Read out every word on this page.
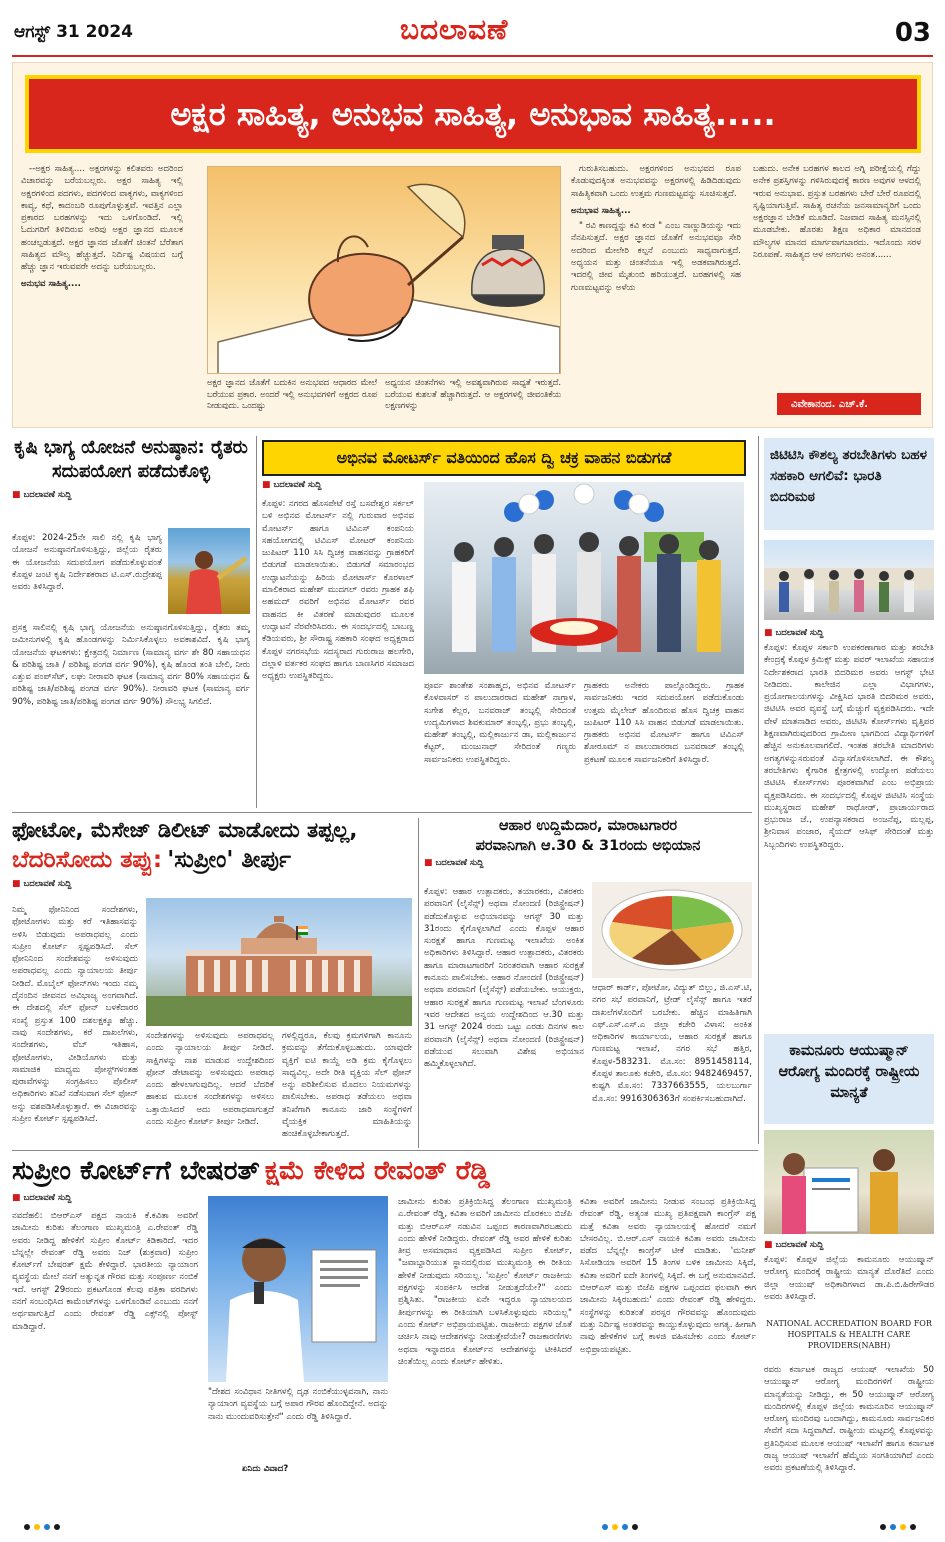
ಆಗಸ್ಟ್ 31 2024	ಬದಲಾವಣೆ	03
ಅಕ್ಷರ ಸಾಹಿತ್ಯ, ಅನುಭವ ಸಾಹಿತ್ಯ, ಅನುಭಾವ ಸಾಹಿತ್ಯ.....

--ಅಕ್ಷರ ಸಾಹಿತ್ಯ.... ಅಕ್ಷರಗಳನ್ನು ಕಲಿತವರು ಅದರಿಂದ ವಿಚಾರವನ್ನು ಬರೆಯಬಲ್ಲರು. ಅಕ್ಷರ ಸಾಹಿತ್ಯ ಇಲ್ಲಿ ಅಕ್ಷರಗಳಿಂದ ಪದಗಳು, ಪದಗಳಿಂದ ವಾಕ್ಯಗಳು, ವಾಕ್ಯಗಳಿಂದ ಕಾವ್ಯ, ಕಥೆ, ಕಾದಂಬರಿ ರೂಪುಗೊಳ್ಳುತ್ತವೆ. ಇವತ್ತಿನ ಎಲ್ಲಾ ಪ್ರಕಾರದ ಬರಹಗಳನ್ನು ಇದು ಒಳಗೊಂಡಿದೆ. ಇಲ್ಲಿ ಓದುಗರಿಗೆ ತಿಳಿದಿರುವ ಅರಿವು ಅಕ್ಷರ ಜ್ಞಾನದ ಮೂಲಕ ಹಂಚಲ್ಪಡುತ್ತದೆ. ಅಕ್ಷರ ಜ್ಞಾನದ ಜೊತೆಗೆ ಚಿಂತನೆ ಬೆರೆತಾಗ ಸಾಹಿತ್ಯದ ಮೌಲ್ಯ ಹೆಚ್ಚುತ್ತದೆ. ನಿರ್ದಿಷ್ಟ ವಿಷಯದ ಬಗ್ಗೆ ಹೆಚ್ಚು ಜ್ಞಾನ ಇರುವವರೇ ಅದನ್ನು ಬರೆಯಬಲ್ಲರು.

ಅನುಭವ ಸಾಹಿತ್ಯ....

ಅಕ್ಷರ ಜ್ಞಾನದ ಜೊತೆಗೆ ಬದುಕಿನ ಅನುಭವದ ಆಧಾರದ ಮೇಲೆ ಬರೆಯುವ ಪ್ರಕಾರ. ಅಂದರೆ ಇಲ್ಲಿ ಅನುಭವಗಳಿಗೆ ಅಕ್ಷರದ ರೂಪ ನೀಡುವುದು. ಒಂದಷ್ಟು
ಅಧ್ಯಯನ ಚಿಂತನೆಗಳು ಇಲ್ಲಿ ಅವಶ್ಯವಾಗಿರುವ ಸಾಧ್ಯತೆ ಇರುತ್ತದೆ. ಬರೆಯುವ ಕುಶಲತೆ ಹೆಚ್ಚಾಗಿರುತ್ತದೆ. ಆ ಅಕ್ಷರಗಳಲ್ಲಿ ಜೀವಂತಿಕೆಯ ಲಕ್ಷಣಗಳನ್ನು

ಗುರುತಿಸಬಹುದು. ಅಕ್ಷರಗಳಿಂದ ಅನುಭವದ ರೂಪ ಕೊಡುವುದಕ್ಕಿಂತ ಅನುಭವವನ್ನು ಅಕ್ಷರಗಳಲ್ಲಿ ಹಿಡಿದಿಡುವುದು ಸಾಹಿತ್ಯಿಕವಾಗಿ ಒಂದು ಉತ್ತಮ ಗುಣಮಟ್ಟವನ್ನು ಸೂಚಿಸುತ್ತದೆ.

ಅನುಭಾವ ಸಾಹಿತ್ಯ...

" ರವಿ ಕಾಣದ್ದನ್ನು ಕವಿ ಕಂಡ " ಎಂಬ ನಾಣ್ಣುಡಿಯನ್ನು ಇದು ನೆನಪಿಸುತ್ತದೆ. ಅಕ್ಷರ ಜ್ಞಾನದ ಜೊತೆಗೆ ಅನುಭವವೂ ಸೇರಿ ಅದರಿಂದ ಮೇಲೇರಿ ಕಲ್ಪನೆ ಎಂಬುದು ಸಾಧ್ಯವಾಗುತ್ತದೆ. ಅಧ್ಯಯನ ಮತ್ತು ಚಿಂತನೆಯೂ ಇಲ್ಲಿ ಅಡಕವಾಗಿರುತ್ತದೆ. ಇದರಲ್ಲಿ ಜೀವ ಮೈತುಂಬಿ ಹರಿಯುತ್ತದೆ. ಬರಹಗಳಲ್ಲಿ ಸಹ ಗುಣಮಟ್ಟವನ್ನು ಅಳೆಯ

ಬಹುದು. ಅನೇಕ ಬರಹಗಳ ಕಾಲದ ಅಗ್ನಿ ಪರೀಕ್ಷೆಯಲ್ಲಿ ಗೆದ್ದು ಅನೇಕ ಪ್ರಶಸ್ತಿಗಳನ್ನು ಗಳಿಸಿರುವುದಕ್ಕೆ ಕಾರಣ ಅವುಗಳ ಆಳದಲ್ಲಿ ಇರುವ ಅನುಭಾವ. ಪ್ರಸ್ತುತ ಬರಹಗಳು ಬೇರೆ ಬೇರೆ ರೂಪದಲ್ಲಿ ಸೃಷ್ಟಿಯಾಗುತ್ತಿವೆ. ಸಾಹಿತ್ಯ ರಚನೆಯ ಜನಸಾಮಾನ್ಯರಿಗೆ ಒಂದು ಅಕ್ಷರಜ್ಞಾನ ಬೇಡಿಕೆ ಮೂಡಿದೆ. ನಿಜವಾದ ಸಾಹಿತ್ಯ ಮನಸ್ಸಿನಲ್ಲಿ ಮೂಡಬೇಕು. ಹೊರತು ಶಿಕ್ಷಣ ಅಧಿಕಾರ ಮಾನದಂಡ ಮೌಲ್ಯಗಳ ಮಾನದ ಮಾರ್ಗವಾಗಬಾರದು. ಇದೊಂದು ಸರಳ ನಿರೂಪಣೆ. ಸಾಹಿತ್ಯದ ಆಳ ಅಗಲಗಳು ಅನಂತ......
ವಿವೇಕಾನಂದ. ಎಚ್.ಕೆ.
ಕೃಷಿ ಭಾಗ್ಯ ಯೋಜನೆ ಅನುಷ್ಠಾನ: ರೈತರು ಸದುಪಯೋಗ ಪಡೆದುಕೊಳ್ಳಿ
■ ಬದಲಾವಣೆ ಸುದ್ದಿ
ಕೊಪ್ಪಳ: 2024-25ನೇ ಸಾಲಿ ನಲ್ಲಿ ಕೃಷಿ ಭಾಗ್ಯ ಯೋಜನೆ ಅನುಷ್ಠಾನಗೊಳಿಸುತ್ತಿದ್ದು, ಜಿಲ್ಲೆಯ ರೈತರು ಈ ಯೋಜನೆಯ ಸದುಪಯೋಗ ಪಡೆದುಕೊಳ್ಳುವಂತೆ ಕೊಪ್ಪಳ ಜಂಟಿ ಕೃಷಿ ನಿರ್ದೇಶಕರಾದ ಟಿ.ಎಸ್.ರುದ್ರೇಶಪ್ಪ ಅವರು ತಿಳಿಸಿದ್ದಾರೆ.
ಪ್ರಸಕ್ತ ಸಾಲಿನಲ್ಲಿ ಕೃಷಿ ಭಾಗ್ಯ ಯೋಜನೆಯ ಅನುಷ್ಠಾನಗೊಳಿಸುತ್ತಿದ್ದು, ರೈತರು ತಮ್ಮ ಜಮೀನುಗಳಲ್ಲಿ ಕೃಷಿ ಹೊಂಡಗಳನ್ನು ನಿರ್ಮಿಸಿಕೊಳ್ಳಲು ಅವಕಾಶವಿದೆ. ಕೃಷಿ ಭಾಗ್ಯ ಯೋಜನೆಯ ಘಟಕಗಳು: ಕ್ಷೇತ್ರದಲ್ಲಿ ನಿರ್ಮಾಣ (ಸಾಮಾನ್ಯ ವರ್ಗ ಶೇ 80 ಸಹಾಯಧನ & ಪರಿಶಿಷ್ಟ ಜಾತಿ / ಪರಿಶಿಷ್ಟ ಪಂಗಡ ವರ್ಗ 90%), ಕೃಷಿ ಹೊಂಡ ತಂತಿ ಬೇಲಿ, ನೀರು ಎತ್ತುವ ಪಂಪ್‌ಸೆಟ್, ಲಘು ನೀರಾವರಿ ಘಟಕ (ಸಾಮಾನ್ಯ ವರ್ಗ 80% ಸಹಾಯಧನ & ಪರಿಶಿಷ್ಟ ಜಾತಿ/ಪರಿಶಿಷ್ಟ ಪಂಗಡ ವರ್ಗ 90%). ನೀರಾವರಿ ಘಟಕ (ಸಾಮಾನ್ಯ ವರ್ಗ 90%, ಪರಿಶಿಷ್ಟ ಜಾತಿ/ಪರಿಶಿಷ್ಟ ಪಂಗಡ ವರ್ಗ 90%) ಸೌಲಭ್ಯ ಸಿಗಲಿದೆ.
ಅಭಿನವ ಮೋಟರ್ಸ್ ವತಿಯಿಂದ ಹೊಸ ದ್ವಿ ಚಕ್ರ ವಾಹನ ಬಿಡುಗಡೆ
■ ಬದಲಾವಣೆ ಸುದ್ದಿ
ಕೊಪ್ಪಳ: ನಗರದ ಹೊಸಪೇಟೆ ರಸ್ತೆ ಬಸವೇಶ್ವರ ಸರ್ಕಲ್ ಬಳಿ ಅಭಿನವ ಮೋಟರ್ಸ್ ನಲ್ಲಿ ಗುರುವಾರ ಅಭಿನವ ಮೋಟರ್ಸ್ ಹಾಗೂ ಟಿವಿಎಸ್ ಕಂಪನಿಯ ಸಹಯೋಗದಲ್ಲಿ ಟಿವಿಎಸ್ ಮೋಟರ್ ಕಂಪನಿಯ ಜುಪಿಟರ್ 110 ಸಿಸಿ ದ್ವಿಚಕ್ರ ವಾಹನವನ್ನು ಗ್ರಾಹಕರಿಗೆ ಬಿಡುಗಡೆ ಮಾಡಲಾಯಿತು. ಬಿಡುಗಡೆ ಸಮಾರಂಭದ ಉದ್ಘಾಟನೆಯನ್ನು ಹಿರಿಯ ಮೋಟಾರ್ಸ್ ಕೊರಳಾಲ್ ಮಾಲಿಕರಾದ ಮಹೇಶ್ ಮುದಗಲ್ ರವರು ಗ್ರಾಹಕ ಶಫಿ ಅಹಮದ್ ರವರಿಗೆ ಅಭಿನವ ಮೋಟರ್ಸ್ ರವರ ವಾಹನದ ಕೀ ವಿತರಣೆ ಮಾಡುವುದರ ಮೂಲಕ ಉದ್ಘಾಟನೆ ನೆರವೇರಿಸಿದರು. ಈ ಸಂದರ್ಭದಲ್ಲಿ ಬಾಬಣ್ಣ ಕೆಡಿಯವರು, ಶ್ರೀ ಸೌರಾಷ್ಟ್ರ ಸಹಕಾರಿ ಸಂಘದ ಅಧ್ಯಕ್ಷರಾದ ಕೊಪ್ಪಳ ನಗರಸಭೆಯ ಸದಸ್ಯರಾದ ಗುರುರಾಜ ಹಲಗೇರಿ, ದಲ್ಲಾಳಿ ವರ್ತಕರ ಸಂಘದ ಹಾಗೂ ಬಾಣಸಿಗರ ಸಮಾಜದ ಅಧ್ಯಕ್ಷರು ಉಪಸ್ಥಿತರಿದ್ದರು.
ಪೂರ್ವ ಶಾಂತೇಶ ಸಂಶಾಹ್ಮದ, ಅಭಿನವ ಮೋಟರ್ಸ್ ಕೊಳವಾಸರ್ ನ ಪಾಲುದಾರರಾದ ಮಹೇಶ್ ನಾಗ್ರಾಳ, ಸುಗೇಶ ಕೆಲ್ಲರ, ಬನವರಾಜ್ ತಂಬ್ಳಲ್ಲಿ ಸೇರಿದಂತೆ ಉದ್ಯಮಿಗಳಾದ ಶಿವಕುಮಾರ್ ತಂಬ್ಳಲ್ಲಿ, ಪ್ರಭು ತಂಬ್ಳಲ್ಲಿ, ಮಹೇಶ್ ತಂಬ್ಳಲ್ಲಿ, ಮಲ್ಲಿಕಾರ್ಜುನ ಡಾ, ಮಲ್ಲಿಕಾರ್ಜುನ ಕೆಟ್ಟರ್, ಮಂಜುನಾಥ್ ಸೇರಿದಂತೆ ಗಣ್ಯರು ಸಾರ್ವಜನಿಕರು ಉಪಸ್ಥಿತರಿದ್ದರು.
ಗ್ರಾಹಕರು ಅನೇಕರು ಪಾಲ್ಗೊಂಡಿದ್ದರು. ಗ್ರಾಹಕ ಸಾರ್ವಜನಿಕರು ಇದರ ಸದುಪಯೋಗ ಪಡೆದುಕೊಂಡು ಉತ್ತಮ ಮೈಲೇಜ್ ಹೊಂದಿರುವ ಹೊಸ ದ್ವಿಚಕ್ರ ವಾಹನ ಜುಪಿಟರ್ 110 ಸಿಸಿ ವಾಹನ ಬಿಡುಗಡೆ ಮಾಡಲಾಯಿತು. ಗ್ರಾಹಕರು ಅಭಿನವ ಮೋಟರ್ಸ್ ಹಾಗೂ ಟಿವಿಎಸ್ ಶೋರೂಮ್ ನ ಪಾಲುದಾರರಾದ ಬನವರಾಜ್ ತಂಬ್ಳಲ್ಲಿ ಪ್ರಕಟಣೆ ಮೂಲಕ ಸಾರ್ವಜನಿಕರಿಗೆ ತಿಳಿಸಿದ್ದಾರೆ.
ಜಿಟಿಟಿಸಿ ಕೌಶಲ್ಯ ತರಬೇತಿಗಳು ಬಹಳ ಸಹಕಾರಿ ಆಗಲಿವೆ: ಭಾರತಿ ಬಿದರಿಮಠ
■ ಬದಲಾವಣೆ ಸುದ್ದಿ
ಕೊಪ್ಪಳ: ಕೊಪ್ಪಳ ಸರ್ಕಾರಿ ಉಪಕರಣಾಗಾರ ಮತ್ತು ತರಬೇತಿ ಕೇಂದ್ರಕ್ಕೆ ಕೊಪ್ಪಳ ಕ್ರಿಮಿಕ್ಸ್ ಮತ್ತು ಪವರ್ ಇಲಾಖೆಯ ಸಹಾಯಕ ನಿರ್ದೇಶಕರಾದ ಭಾರತಿ ಬಿದರಿಮಠ ಅವರು ಆಗಸ್ಟ್ ಭೇಟಿ ನೀಡಿದರು. ಕಾಲೇಜಿನ ಎಲ್ಲಾ ವಿಭಾಗಗಳು, ಪ್ರಯೋಗಾಲಯಗಳನ್ನು ವೀಕ್ಷಿಸಿದ ಭಾರತಿ ಬಿದರಿಮಠ ಅವರು, ಜಿಟಿಟಿಸಿ ಅವರ ವ್ಯವಸ್ಥೆ ಬಗ್ಗೆ ಮೆಚ್ಚುಗೆ ವ್ಯಕ್ತಪಡಿಸಿದರು. ಇದೇ ವೇಳೆ ಮಾತನಾಡಿದ ಅವರು, ಜಿಟಿಟಿಸಿ ಕೋರ್ಸ್‌ಗಳು ವೃತ್ತಿಪರ ಶಿಕ್ಷಣವಾಗಿರುವುದರಿಂದ ಗ್ರಾಮೀಣ ಭಾಗದಿಂದ ವಿದ್ಯಾರ್ಥಿಗಳಿಗೆ ಹೆಚ್ಚಿನ ಅನುಕೂಲವಾಗಲಿದೆ. ಇಂತಹ ತರಬೇತಿ ಮಾದರಿಗಳು ಅಗತ್ಯಗಳನ್ನುಸರುವಂತೆ ವಿನ್ಯಾಸಗೊಳಿಸಲಾಗಿದೆ. ಈ ಕೌಶಲ್ಯ ತರಬೇತಿಗಳು ಕೈಗಾರಿಕ ಕ್ಷೇತ್ರಗಳಲ್ಲಿ ಉದ್ಯೋಗ ಪಡೆಯಲು ಜಿಟಿಟಿಸಿ ಕೋರ್ಸ್‌ಗಳು ಪೂರಕವಾಗಿವೆ ಎಂಬ ಅಭಿಪ್ರಾಯ ವ್ಯಕ್ತಪಡಿಸಿದರು. ಈ ಸಂದರ್ಭದಲ್ಲಿ ಕೊಪ್ಪಳ ಜಿಟಿಟಿಸಿ ಸಂಸ್ಥೆಯ ಮುಖ್ಯಸ್ಥರಾದ ಮಹೇಶ್ ರಾಥೋಡ್, ಪ್ರಾಚಾರ್ಯರಾದ ಪ್ರಭುರಾಜ ಜೆ., ಉಪನ್ಯಾಸಕರಾದ ಅಂಜನೆಪ್ಪ, ಮಲ್ಲಪ್ಪ, ಶ್ರೀನಿವಾಸ ಪಂಜಾರ, ಸೈಯದ್ ಆಸಿಫ್ ಸೇರಿದಂತೆ ಮತ್ತು ಸಿಬ್ಬಂದಿಗಳು ಉಪಸ್ಥಿತರಿದ್ದರು.
ಫೋಟೋ, ಮೆಸೇಜ್ ಡಿಲೀಟ್ ಮಾಡೋದು ತಪ್ಪಲ್ಲ,
ಬೆದರಿಸೋದು ತಪ್ಪು: 'ಸುಪ್ರೀಂ' ತೀರ್ಪು
■ ಬದಲಾವಣೆ ಸುದ್ದಿ
ನಿಮ್ಮ ಫೋನಿನಿಂದ ಸಂದೇಶಗಳು, ಫೋಟೋಗಳು ಮತ್ತು ಕರೆ ಇತಿಹಾಸವನ್ನು ಅಳಿಸಿ ಬಿಡುವುದು ಅಪರಾಧವಲ್ಲ ಎಂದು ಸುಪ್ರೀಂ ಕೋರ್ಟ್ ಸ್ಪಷ್ಟಪಡಿಸಿದೆ. ಸೆಲ್ ಫೋನಿನಿಂದ ಸಂದೇಶವನ್ನು ಅಳಿಸುವುದು ಅಪರಾಧವಲ್ಲ ಎಂದು ನ್ಯಾಯಾಲಯ ತೀರ್ಪು ನೀಡಿದೆ. ಮೊಬೈಲ್ ಫೋನ್‌ಗಳು ಇಂದು ನಮ್ಮ ದೈನಂದಿನ ಜೀವನದ ಅವಿಭಾಜ್ಯ ಅಂಗವಾಗಿದೆ. ಈ ದೇಶದಲ್ಲಿ ಸೆಲ್ ಫೋನ್ ಬಳಕೆದಾರರ ಸಂಖ್ಯೆ ಪ್ರಸ್ತುತ 100 ದಶಲಕ್ಷಕ್ಕೂ ಹೆಚ್ಚು. ನಾವು ಸಂದೇಶಗಳು, ಕರೆ ದಾಖಲೆಗಳು, ಸಂದೇಶಗಳು, ವೆಬ್ ಇತಿಹಾಸ, ಫೋಟೋಗಳು, ವೀಡಿಯೊಗಳು ಮತ್ತು ಸಾಮಾಜಿಕ ಮಾಧ್ಯಮ ಪೋಸ್ಟ್‌ಗಳಂತಹ ಪುರಾವೆಗಳನ್ನು ಸಂಗ್ರಹಿಸಲು ಪೊಲೀಸ್ ಅಧಿಕಾರಿಗಳು ತನಿಖೆ ನಡೆಸುವಾಗ ಸೆಲ್ ಫೋನ್ ಅನ್ನು ವಶಪಡಿಸಿಕೊಳ್ಳುತ್ತಾರೆ. ಈ ವಿಚಾರವನ್ನು ಸುಪ್ರೀಂ ಕೋರ್ಟ್ ಸ್ಪಷ್ಟಪಡಿಸಿದೆ.
ಸಂದೇಶಗಳನ್ನು ಅಳಿಸುವುದು ಅಪರಾಧವಲ್ಲ ಎಂದು ನ್ಯಾಯಾಲಯ ತೀರ್ಪು ನೀಡಿದೆ. ಸಾಕ್ಷಿಗಳನ್ನು ನಾಶ ಮಾಡುವ ಉದ್ದೇಶದಿಂದ ಫೋನ್ ಡೇಟಾವನ್ನು ಅಳಿಸುವುದು ಅಪರಾಧ ಎಂದು ಹೇಳಲಾಗುವುದಿಲ್ಲ. ಆದರೆ ಬೆದರಿಕೆ ಹಾಕುವ ಮೂಲಕ ಸಂದೇಶಗಳನ್ನು ಅಳಿಸಲು ಒತ್ತಾಯಿಸಿದರೆ ಅದು ಅಪರಾಧವಾಗುತ್ತದೆ ಎಂದು ಸುಪ್ರೀಂ ಕೋರ್ಟ್ ತೀರ್ಪು ನೀಡಿದೆ.
ಗಳಲ್ಲಿದ್ದರೂ, ಕೆಲವು ಕ್ರಮಗಳಿಗಾಗಿ ಕಾನೂನು ಕ್ರಮವನ್ನು ತೆಗೆದುಕೊಳ್ಳಬಹುದು. ಯಾವುದೇ ವ್ಯಕ್ತಿಗೆ ಐಟಿ ಕಾಯ್ದೆ ಅಡಿ ಕ್ರಮ ಕೈಗೊಳ್ಳಲು ಸಾಧ್ಯವಿಲ್ಲ. ಅದೇ ರೀತಿ ವ್ಯಕ್ತಿಯ ಸೆಲ್ ಫೋನ್ ಅನ್ನು ಪರಿಶೀಲಿಸುವ ಮೊದಲು ನಿಯಮಗಳನ್ನು ಪಾಲಿಸಬೇಕು. ಅಪರಾಧ ತಡೆಯಲು ಅಥವಾ ತನಿಖೆಗಾಗಿ ಕಾನೂನು ಜಾರಿ ಸಂಸ್ಥೆಗಳಿಗೆ ವೈಯಕ್ತಿಕ ಮಾಹಿತಿಯನ್ನು ಹಂಚಿಕೊಳ್ಳಬೇಕಾಗುತ್ತದೆ.
ಆಹಾರ ಉದ್ದಿಮೆದಾರ, ಮಾರಾಟಗಾರರ
ಪರವಾನಿಗಾಗಿ ಆ.30 & 31ರಂದು ಅಭಿಯಾನ
■ ಬದಲಾವಣೆ ಸುದ್ದಿ
ಕೊಪ್ಪಳ: ಆಹಾರ ಉತ್ಪಾದಕರು, ತಯಾರಕರು, ವಿತರಕರು ಪರವಾನಿಗೆ (ಲೈಸೆನ್ಸ್) ಅಥವಾ ನೋಂದಣಿ (ರಿಜಿಸ್ಟ್ರೇಷನ್) ಪಡೆದುಕೊಳ್ಳುವ ಅಭಿಯಾನವನ್ನು ಆಗಸ್ಟ್ 30 ಮತ್ತು 31ರಂದು ಕೈಗೊಳ್ಳಲಾಗಿದೆ ಎಂದು ಕೊಪ್ಪಳ ಆಹಾರ ಸುರಕ್ಷತೆ ಹಾಗೂ ಗುಣಮಟ್ಟ ಇಲಾಖೆಯ ಅಂಕಿತ ಅಧಿಕಾರಿಗಳು ತಿಳಿಸಿದ್ದಾರೆ. ಆಹಾರ ಉತ್ಪಾದಕರು, ವಿತರಕರು ಹಾಗೂ ಮಾರಾಟಗಾರರಿಗೆ ನಿರಂತರವಾಗಿ ಆಹಾರ ಸುರಕ್ಷತೆ ಕಾನೂನು ಪಾಲಿಸಬೇಕು. ಆಹಾರ ನೋಂದಣಿ (ರಿಜಿಸ್ಟ್ರೇಷನ್) ಅಥವಾ ಪರವಾನಿಗೆ (ಲೈಸೆನ್ಸ್) ಪಡೆಯಬೇಕು. ಆಯುಕ್ತರು, ಆಹಾರ ಸುರಕ್ಷತೆ ಹಾಗೂ ಗುಣಮಟ್ಟ ಇಲಾಖೆ ಬೆಂಗಳೂರು ಇವರ ಆದೇಶದ ಅನ್ವಯ ಉದ್ದೇಶದಿಂದ ಆ.30 ಮತ್ತು 31 ಆಗಸ್ಟ್ 2024 ರಂದು ಒಟ್ಟು ಎರಡು ದಿನಗಳ ಕಾಲ ಪರವಾನಗಿ (ಲೈಸೆನ್ಸ್) ಅಥವಾ ನೋಂದಣಿ (ರಿಜಿಸ್ಟ್ರೇಷನ್) ಪಡೆಯುವ ಸಲುವಾಗಿ ವಿಶೇಷ ಅಭಿಯಾನ ಹಮ್ಮಿಕೊಳ್ಳಲಾಗಿದೆ.
ಆಧಾರ್ ಕಾರ್ಡ್, ಪೋಟೋ, ವಿದ್ಯುತ್ ಬಿಲ್ಲು, ಜಿ.ಎಸ್.ಟಿ, ನಗರ ಸಭೆ ಪರವಾನಿಗೆ, ಟ್ರೇಡ್ ಲೈಸೆನ್ಸ್ ಹಾಗೂ ಇತರೆ ದಾಖಲೆಗಳೊಂದಿಗೆ ಬರಬೇಕು. ಹೆಚ್ಚಿನ ಮಾಹಿತಿಗಾಗಿ ಎಫ್.ಎಸ್.ಎಸ್.ಎ ಜಿಲ್ಲಾ ಕಚೇರಿ ವಿಳಾಸ: ಅಂಕಿತ ಅಧಿಕಾರಿಗಳ ಕಾರ್ಯಾಲಯ, ಆಹಾರ ಸುರಕ್ಷತೆ ಹಾಗೂ ಗುಣಮಟ್ಟ ಇಲಾಖೆ, ನಗರ ಸಭೆ ಹತ್ತಿರ, ಕೊಪ್ಪಳ-583231. ಮೊ.ಸಂ: 8951458114, ಕೊಪ್ಪಳ ತಾಲೂಕು ಕಚೇರಿ, ಮೊ.ಸಂ: 9482469457, ಕುಷ್ಟಗಿ ಮೊ.ಸಂ: 7337663555, ಯಲಬುರ್ಗಾ ಮೊ.ಸಂ: 9916306363ಗೆ ಸಂಪರ್ಕಿಸಬಹುದಾಗಿದೆ.
ಕಾಮನೂರು ಆಯುಷ್ಮಾನ್ ಆರೋಗ್ಯ ಮಂದಿರಕ್ಕೆ ರಾಷ್ಟ್ರೀಯ ಮಾನ್ಯತೆ
■ ಬದಲಾವಣೆ ಸುದ್ದಿ
ಕೊಪ್ಪಳ: ಕೊಪ್ಪಳ ಜಿಲ್ಲೆಯ ಕಾಮನೂರು ಆಯುಷ್ಮಾನ್ ಆರೋಗ್ಯ ಮಂದಿರಕ್ಕೆ ರಾಷ್ಟ್ರೀಯ ಮಾನ್ಯತೆ ದೊರೆತಿದೆ ಎಂದು ಜಿಲ್ಲಾ ಆಯುಷ್ ಅಧಿಕಾರಿಗಳಾದ ಡಾ.ಪಿ.ಬಿ.ಹಿರೇಗೌಡರ ಅವರು ತಿಳಿಸಿದ್ದಾರೆ.
NATIONAL ACCREDATION BOARD FOR HOSPITALS & HEALTH CARE PROVIDERS(NABH)
ರವರು ಕರ್ನಾಟಕ ರಾಜ್ಯದ ಆಯುಷ್ ಇಲಾಖೆಯ 50 ಆಯುಷ್ಮಾನ್ ಆರೋಗ್ಯ ಮಂದಿರಗಳಿಗೆ ರಾಷ್ಟ್ರೀಯ ಮಾನ್ಯತೆಯನ್ನು ನೀಡಿದ್ದು, ಈ 50 ಆಯುಷ್ಮಾನ್ ಆರೋಗ್ಯ ಮಂದಿರಗಳಲ್ಲಿ ಕೊಪ್ಪಳ ಜಿಲ್ಲೆಯ ಕಾಮನೂರಿನ ಆಯುಷ್ಮಾನ್ ಆರೋಗ್ಯ ಮಂದಿರವು ಒಂದಾಗಿದ್ದು, ಕಾಮನೂರು ಸಾರ್ವಜನಿಕರ ಸೇವೆಗೆ ಸದಾ ಸಿದ್ಧವಾಗಿದೆ. ರಾಷ್ಟ್ರೀಯ ಮಟ್ಟದಲ್ಲಿ ಕೊಪ್ಪಳವನ್ನು ಪ್ರತಿನಿಧಿಸುವ ಮೂಲಕ ಆಯುಷ್ ಇಲಾಖೆಗೆ ಹಾಗೂ ಕರ್ನಾಟಕ ರಾಜ್ಯ ಆಯುಷ್ ಇಲಾಖೆಗೆ ಹೆಮ್ಮೆಯ ಸಂಗತಿಯಾಗಿದೆ ಎಂದು ಅವರು ಪ್ರಕಟಣೆಯಲ್ಲಿ ತಿಳಿಸಿದ್ದಾರೆ.
ಸುಪ್ರೀಂ ಕೋರ್ಟ್‌ಗೆ ಬೇಷರತ್ ಕ್ಷಮೆ ಕೇಳಿದ ರೇವಂತ್ ರೆಡ್ಡಿ
■ ಬದಲಾವಣೆ ಸುದ್ದಿ
ನವದೆಹಲಿ: ಬಿಆರ್‌ಎಸ್ ಪಕ್ಷದ ನಾಯಕಿ ಕೆ.ಕವಿತಾ ಅವರಿಗೆ ಜಾಮೀನು ಕುರಿತು ತೆಲಂಗಾಣ ಮುಖ್ಯಮಂತ್ರಿ ಎ.ರೇವಂತ್ ರೆಡ್ಡಿ ಅವರು ನೀಡಿದ್ದ ಹೇಳಿಕೆಗೆ ಸುಪ್ರೀಂ ಕೋರ್ಟ್ ಕಿಡಿಕಾರಿದೆ. ಇದರ ಬೆನ್ನಲ್ಲೇ ರೇವಂತ್ ರೆಡ್ಡಿ ಅವರು ನಿಜ್ (ಶುಕ್ರವಾರ) ಸುಪ್ರೀಂ ಕೋರ್ಟ್‌ಗೆ ಬೇಷರತ್ ಕ್ಷಮೆ ಕೇಳಿದ್ದಾರೆ. ಭಾರತೀಯ ನ್ಯಾಯಾಂಗ ವ್ಯವಸ್ಥೆಯ ಮೇಲೆ ನನಗೆ ಅತ್ಯುನ್ನತ ಗೌರವ ಮತ್ತು ಸಂಪೂರ್ಣ ನಂಬಿಕೆ ಇದೆ. ಆಗಸ್ಟ್ 29ರಂದು ಪ್ರಕಟಗೊಂಡ ಕೆಲವು ಪತ್ರಿಕಾ ವರದಿಗಳು ನನಗೆ ಸಂಬಂಧಿಸಿದ ಕಾಮೆಂಟ್‌ಗಳನ್ನು ಒಳಗೊಂಡಿವೆ ಎಂಬುದು ನನಗೆ ಅರ್ಥವಾಗುತ್ತಿದೆ ಎಂದು ರೇವಂತ್ ರೆಡ್ಡಿ ಎಕ್ಸ್‌ನಲ್ಲಿ ಪೋಸ್ಟ್ ಮಾಡಿದ್ದಾರೆ.
"ದೇಶದ ಸಂವಿಧಾನ ನೀತಿಗಳಲ್ಲಿ ದೃಢ ನಂಬಿಕೆಯುಳ್ಳವನಾಗಿ, ನಾನು ನ್ಯಾಯಾಂಗ ವ್ಯವಸ್ಥೆಯ ಬಗ್ಗೆ ಅಪಾರ ಗೌರವ ಹೊಂದಿದ್ದೇನೆ. ಅದನ್ನು ನಾನು ಮುಂದುವರಿಸುತ್ತೇನೆ" ಎಂದು ರೆಡ್ಡಿ ತಿಳಿಸಿದ್ದಾರೆ.
ಏನಿದು ವಿವಾದ?
ಜಾಮೀನು ಕುರಿತು ಪ್ರತಿಕ್ರಿಯಿಸಿದ್ದ ತೆಲಂಗಾಣ ಮುಖ್ಯಮಂತ್ರಿ ಎ.ರೇವಂತ್ ರೆಡ್ಡಿ, ಕವಿತಾ ಅವರಿಗೆ ಜಾಮೀನು ದೊರಕಲು ಬಿಜೆಪಿ ಮತ್ತು ಬಿಆರ್‌ಎಸ್ ನಡುವಿನ ಒಪ್ಪಂದ ಕಾರಣವಾಗಿರಬಹುದು ಎಂದು ಹೇಳಿಕೆ ನೀಡಿದ್ದರು. ರೇವಂತ್ ರೆಡ್ಡಿ ಅವರ ಹೇಳಿಕೆ ಕುರಿತು ತೀವ್ರ ಅಸಮಾಧಾನ ವ್ಯಕ್ತಪಡಿಸಿದ ಸುಪ್ರೀಂ ಕೋರ್ಟ್, "ಜವಾಬ್ದಾರಿಯುತ ಸ್ಥಾನದಲ್ಲಿರುವ ಮುಖ್ಯಮಂತ್ರಿ ಈ ರೀತಿಯ ಹೇಳಿಕೆ ನೀಡುವುದು ಸರಿಯಲ್ಲ. 'ಸುಪ್ರೀಂ' ಕೋರ್ಟ್ ರಾಜಕೀಯ ಪಕ್ಷಗಳನ್ನು ಸಂಪರ್ಕಿಸಿ ಆದೇಶ ನೀಡುತ್ತದೆಯೇ?" ಎಂದು ಪ್ರಶ್ನಿಸಿತು. "ರಾಜಕೀಯ ಏನೇ ಇದ್ದರೂ ನ್ಯಾಯಾಲಯದ ತೀರ್ಪುಗಳನ್ನು ಈ ರೀತಿಯಾಗಿ ಬಳಸಿಕೊಳ್ಳುವುದು ಸರಿಯಲ್ಲ" ಎಂದು ಕೋರ್ಟ್ ಅಭಿಪ್ರಾಯಪಟ್ಟಿತು. ರಾಜಕೀಯ ಪಕ್ಷಗಳ ಜೊತೆ ಚರ್ಚಿಸಿ ನಾವು ಆದೇಶಗಳನ್ನು ನೀಡುತ್ತೇವೆಯೇ? ರಾಜಕಾರಣಿಗಳು ಅಥವಾ ಇನ್ನಾದರೂ ಕೋರ್ಟ್‌ನ ಆದೇಶಗಳನ್ನು ಟೀಕಿಸಿದರೆ ಚಿಂತೆಯಿಲ್ಲ ಎಂದು ಕೋರ್ಟ್ ಹೇಳಿತು.
ಕವಿತಾ ಅವರಿಗೆ ಜಾಮೀನು ನೀಡುವ ಸಂಬಂಧ ಪ್ರತಿಕ್ರಿಯಿಸಿದ್ದ ರೇವಂತ್ ರೆಡ್ಡಿ, ಅತ್ಯಂತ ಮುಖ್ಯ ಪ್ರತಿಪಕ್ಷವಾಗಿ ಕಾಂಗ್ರೆಸ್ ಪಕ್ಷ ಮತ್ತೆ ಕವಿತಾ ಅವರು ನ್ಯಾಯಾಲಯಕ್ಕೆ ಹೋದರೆ ನಮಗೆ ಬೇಸರವಿಲ್ಲ. ಬಿ.ಆರ್.ಎಸ್ ನಾಯಕಿ ಕವಿತಾ ಅವರು ಜಾಮೀನು ಪಡೆದ ಬೆನ್ನಲ್ಲೇ ಕಾಂಗ್ರೆಸ್ ಟೀಕೆ ಮಾಡಿತು. 'ಮನೀಶ್ ಸಿಸೋಡಿಯಾ ಅವರಿಗೆ 15 ತಿಂಗಳ ಬಳಿಕ ಜಾಮೀನು ಸಿಕ್ಕಿದೆ, ಕವಿತಾ ಅವರಿಗೆ ಐದೇ ತಿಂಗಳಲ್ಲಿ ಸಿಕ್ಕಿದೆ. ಈ ಬಗ್ಗೆ ಅನುಮಾನವಿದೆ. ಬಿಆರ್‌ಎಸ್ ಮತ್ತು ಬಿಜೆಪಿ ಪಕ್ಷಗಳ ಒಪ್ಪಂದದ ಫಲವಾಗಿ ಈಗ ಜಾಮೀನು ಸಿಕ್ಕಿರಬಹುದು' ಎಂದು ರೇವಂತ್ ರೆಡ್ಡಿ ಹೇಳಿದ್ದರು. ಸಂಸ್ಥೆಗಳನ್ನು ಕುರಿತಂತೆ ಪರಸ್ಪರ ಗೌರವವನ್ನು ಹೊಂದುವುದು ಮತ್ತು ನಿರ್ದಿಷ್ಟ ಅಂತರವನ್ನು ಕಾಯ್ದುಕೊಳ್ಳುವುದು ಅಗತ್ಯ. ಹೀಗಾಗಿ ನಾವು ಹೇಳಿಕೆಗಳ ಬಗ್ಗೆ ಕಾಳಜಿ ವಹಿಸಬೇಕು ಎಂದು ಕೋರ್ಟ್ ಅಭಿಪ್ರಾಯಪಟ್ಟಿತು.
